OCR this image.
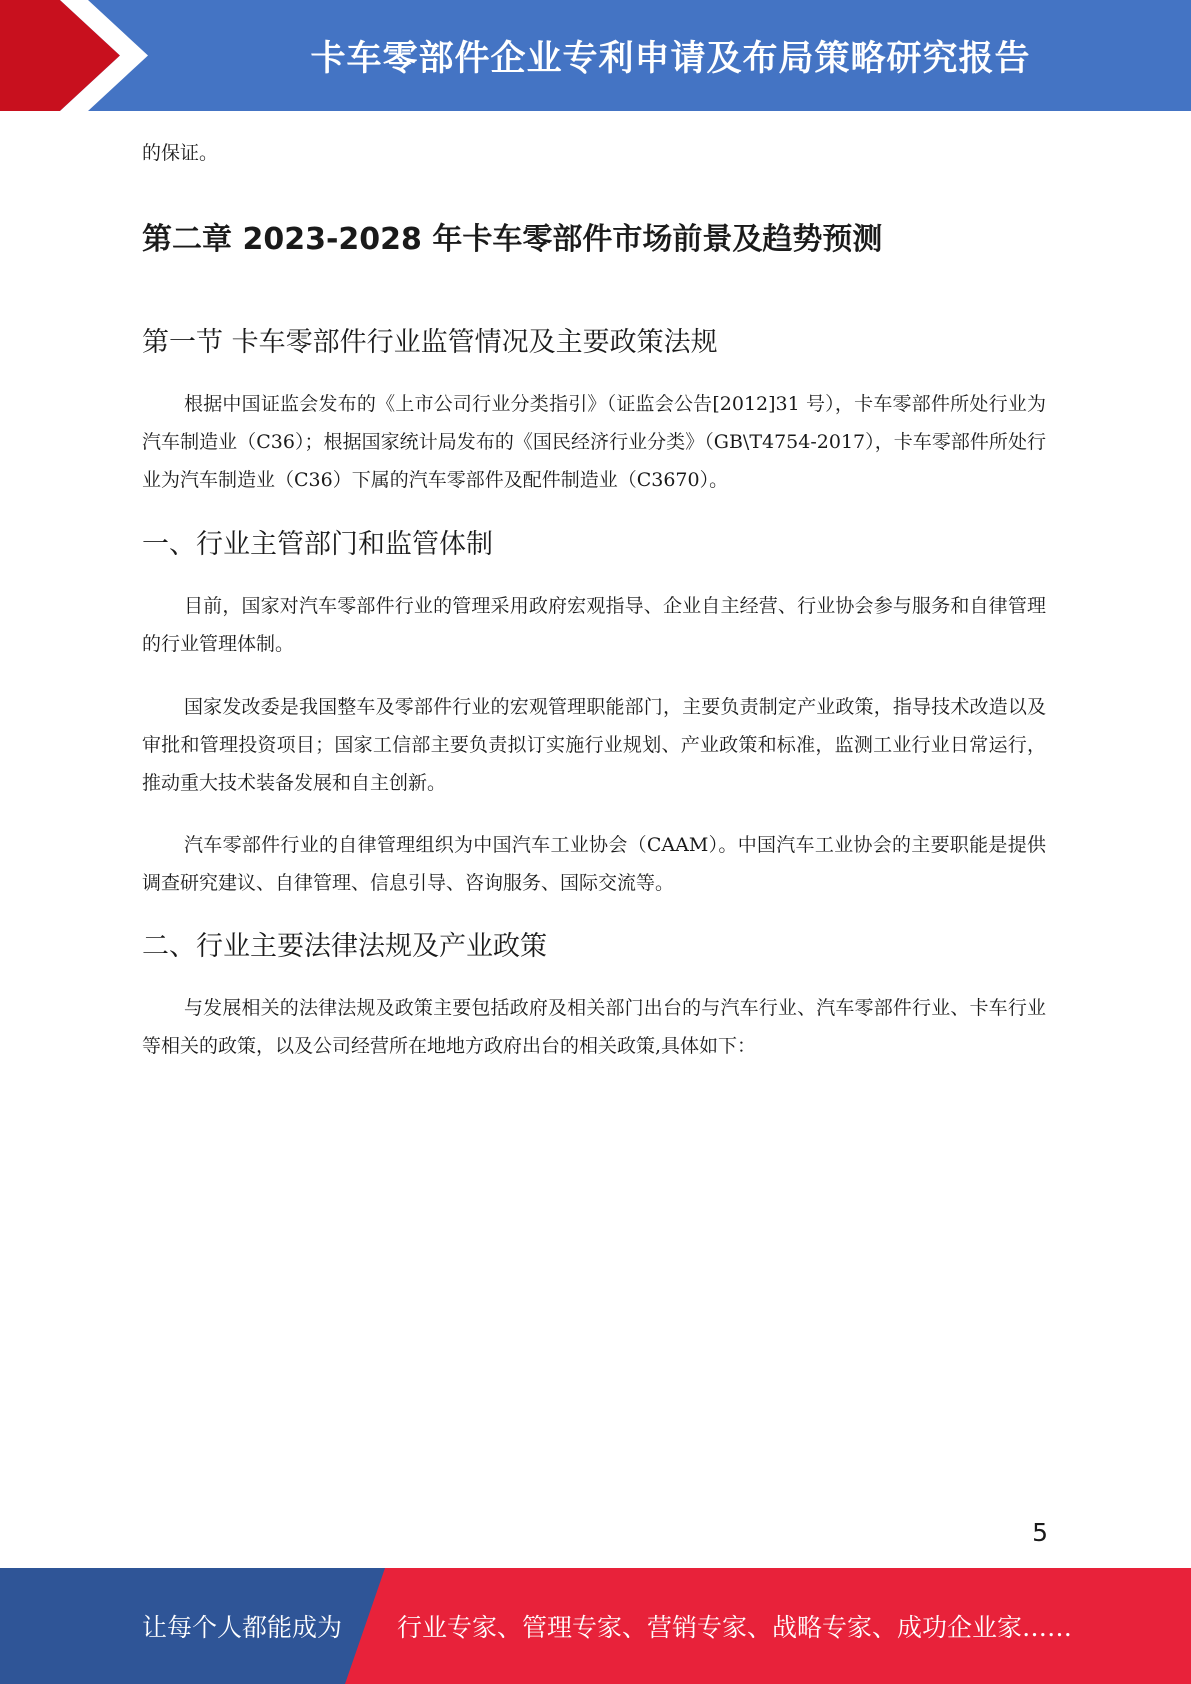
卡车零部件企业专利申请及布局策略研究报告

的保证。

第二章 2023-2028 年卡车零部件市场前景及趋势预测
第一节 卡车零部件行业监管情况及主要政策法规

根据中国证监会发布的《上市公司行业分类指引》（证监会公告[2012]31 号），卡车零部件所处行业为汽车制造业（C36）；根据国家统计局发布的《国民经济行业分类》（GB\T4754-2017），卡车零部件所处行业为汽车制造业（C36）下属的汽车零部件及配件制造业（C3670）。

一、行业主管部门和监管体制

目前，国家对汽车零部件行业的管理采用政府宏观指导、企业自主经营、行业协会参与服务和自律管理的行业管理体制。

国家发改委是我国整车及零部件行业的宏观管理职能部门，主要负责制定产业政策，指导技术改造以及审批和管理投资项目；国家工信部主要负责拟订实施行业规划、产业政策和标准，监测工业行业日常运行，推动重大技术装备发展和自主创新。

汽车零部件行业的自律管理组织为中国汽车工业协会（CAAM）。中国汽车工业协会的主要职能是提供调查研究建议、自律管理、信息引导、咨询服务、国际交流等。

二、行业主要法律法规及产业政策

与发展相关的法律法规及政策主要包括政府及相关部门出台的与汽车行业、汽车零部件行业、卡车行业等相关的政策，以及公司经营所在地地方政府出台的相关政策,具体如下：

5
让每个人都能成为 行业专家、管理专家、营销专家、战略专家、成功企业家……
